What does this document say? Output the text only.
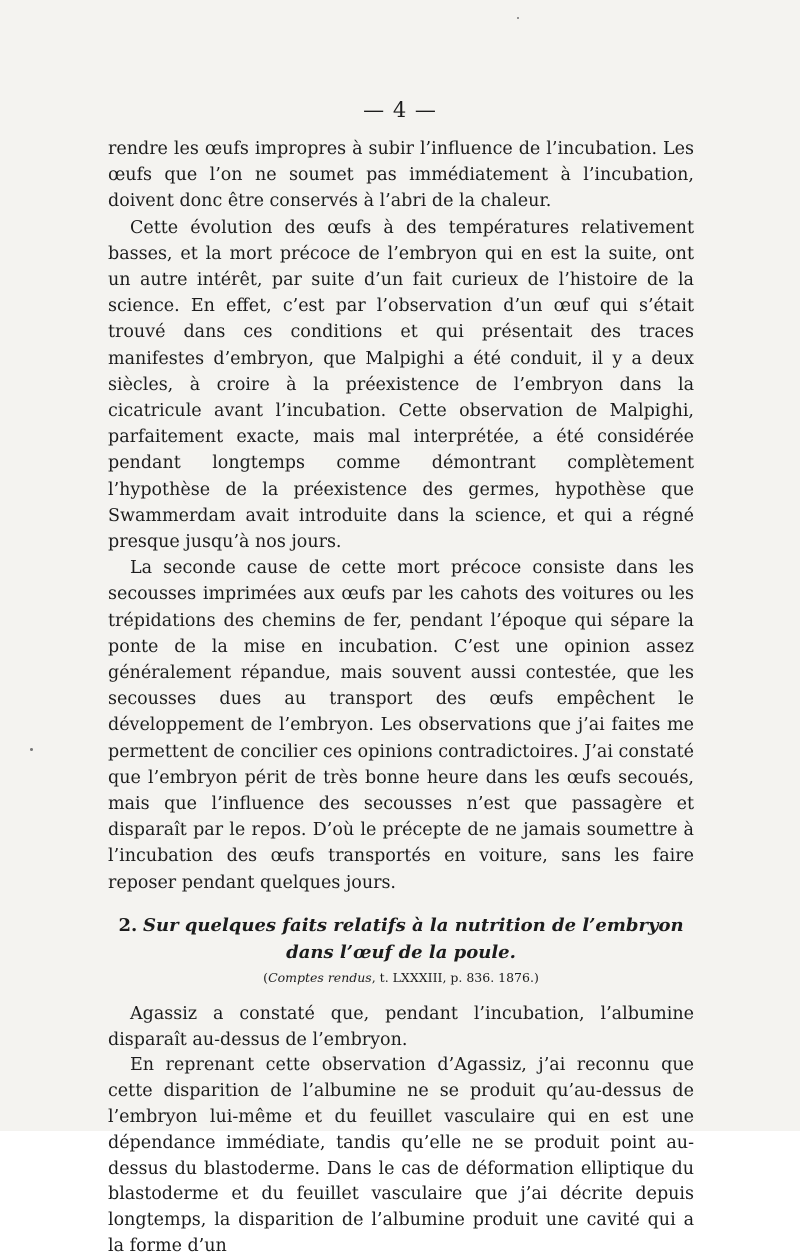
— 4 —

rendre les œufs impropres à subir l’influence de l’incubation. Les œufs que l’on ne soumet pas immédiatement à l’incubation, doivent donc être conservés à l’abri de la chaleur.

Cette évolution des œufs à des températures relativement basses, et la mort précoce de l’embryon qui en est la suite, ont un autre intérêt, par suite d’un fait curieux de l’histoire de la science. En effet, c’est par l’observation d’un œuf qui s’était trouvé dans ces conditions et qui présentait des traces manifestes d’embryon, que Malpighi a été conduit, il y a deux siècles, à croire à la préexistence de l’embryon dans la cicatricule avant l’incubation. Cette observation de Malpighi, parfaitement exacte, mais mal interprétée, a été considérée pendant longtemps comme démontrant complètement l’hypothèse de la préexistence des germes, hypothèse que Swammerdam avait introduite dans la science, et qui a régné presque jusqu’à nos jours.

La seconde cause de cette mort précoce consiste dans les secousses imprimées aux œufs par les cahots des voitures ou les trépidations des chemins de fer, pendant l’époque qui sépare la ponte de la mise en incubation. C’est une opinion assez généralement répandue, mais souvent aussi contestée, que les secousses dues au transport des œufs empêchent le développement de l’embryon. Les observations que j’ai faites me permettent de concilier ces opinions contradictoires. J’ai constaté que l’embryon périt de très bonne heure dans les œufs secoués, mais que l’influence des secousses n’est que passagère et disparaît par le repos. D’où le précepte de ne jamais soumettre à l’incubation des œufs transportés en voiture, sans les faire reposer pendant quelques jours.

2. Sur quelques faits relatifs à la nutrition de l’embryon dans l’œuf de la poule.
(Comptes rendus, t. LXXXIII, p. 836. 1876.)

Agassiz a constaté que, pendant l’incubation, l’albumine disparaît au-dessus de l’embryon.

En reprenant cette observation d’Agassiz, j’ai reconnu que cette disparition de l’albumine ne se produit qu’au-dessus de l’embryon lui-même et du feuillet vasculaire qui en est une dépendance immédiate, tandis qu’elle ne se produit point au-dessus du blastoderme. Dans le cas de déformation elliptique du blastoderme et du feuillet vasculaire que j’ai décrite depuis longtemps, la disparition de l’albumine produit une cavité qui a la forme d’un
